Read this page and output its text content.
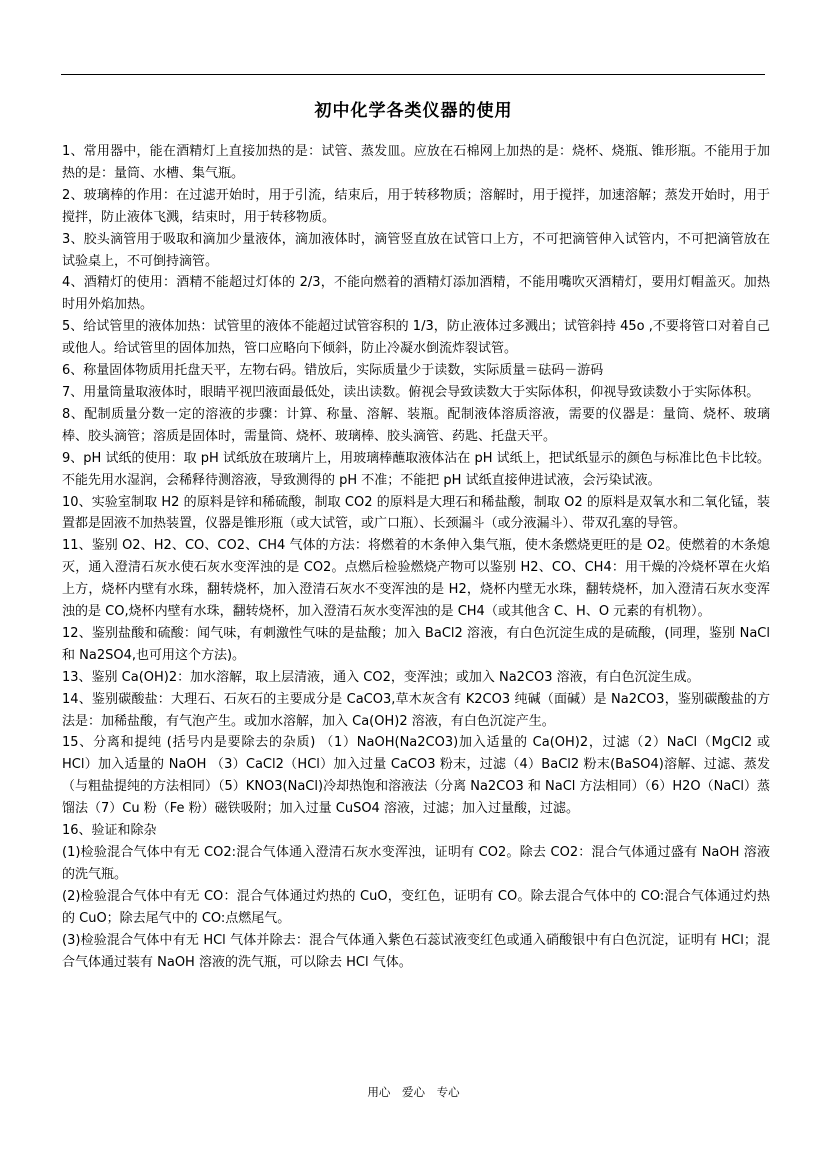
初中化学各类仪器的使用

1、常用器中，能在酒精灯上直接加热的是：试管、蒸发皿。应放在石棉网上加热的是：烧杯、烧瓶、锥形瓶。不能用于加热的是：量筒、水槽、集气瓶。

2、玻璃棒的作用：在过滤开始时，用于引流，结束后，用于转移物质；溶解时，用于搅拌，加速溶解；蒸发开始时，用于搅拌，防止液体飞溅，结束时，用于转移物质。

3、胶头滴管用于吸取和滴加少量液体，滴加液体时，滴管竖直放在试管口上方，不可把滴管伸入试管内，不可把滴管放在试验桌上，不可倒持滴管。

4、酒精灯的使用：酒精不能超过灯体的 2/3，不能向燃着的酒精灯添加酒精，不能用嘴吹灭酒精灯，要用灯帽盖灭。加热时用外焰加热。

5、给试管里的液体加热：试管里的液体不能超过试管容积的 1/3，防止液体过多溅出；试管斜持 45o ,不要将管口对着自己或他人。给试管里的固体加热，管口应略向下倾斜，防止冷凝水倒流炸裂试管。

6、称量固体物质用托盘天平，左物右码。错放后，实际质量少于读数，实际质量＝砝码－游码

7、用量筒量取液体时，眼睛平视凹液面最低处，读出读数。俯视会导致读数大于实际体积，仰视导致读数小于实际体积。

8、配制质量分数一定的溶液的步骤：计算、称量、溶解、装瓶。配制液体溶质溶液，需要的仪器是：量筒、烧杯、玻璃棒、胶头滴管；溶质是固体时，需量筒、烧杯、玻璃棒、胶头滴管、药匙、托盘天平。

9、pH 试纸的使用：取 pH 试纸放在玻璃片上，用玻璃棒蘸取液体沾在 pH 试纸上，把试纸显示的颜色与标准比色卡比较。不能先用水湿润，会稀释待测溶液，导致测得的 pH 不准；不能把 pH 试纸直接伸进试液，会污染试液。

10、实验室制取 H2 的原料是锌和稀硫酸，制取 CO2 的原料是大理石和稀盐酸，制取 O2 的原料是双氧水和二氧化锰，装置都是固液不加热装置，仪器是锥形瓶（或大试管，或广口瓶）、长颈漏斗（或分液漏斗）、带双孔塞的导管。

11、鉴别 O2、H2、CO、CO2、CH4 气体的方法：将燃着的木条伸入集气瓶，使木条燃烧更旺的是 O2。使燃着的木条熄灭，通入澄清石灰水使石灰水变浑浊的是 CO2。点燃后检验燃烧产物可以鉴别 H2、CO、CH4：用干燥的冷烧杯罩在火焰上方，烧杯内壁有水珠，翻转烧杯，加入澄清石灰水不变浑浊的是 H2，烧杯内壁无水珠，翻转烧杯，加入澄清石灰水变浑浊的是 CO,烧杯内壁有水珠，翻转烧杯，加入澄清石灰水变浑浊的是 CH4（或其他含 C、H、O 元素的有机物）。

12、鉴别盐酸和硫酸：闻气味，有刺激性气味的是盐酸；加入 BaCl2 溶液，有白色沉淀生成的是硫酸，(同理，鉴别 NaCl 和 Na2SO4,也可用这个方法)。

13、鉴别 Ca(OH)2：加水溶解，取上层清液，通入 CO2，变浑浊；或加入 Na2CO3 溶液，有白色沉淀生成。

14、鉴别碳酸盐：大理石、石灰石的主要成分是 CaCO3,草木灰含有 K2CO3 纯碱（面碱）是 Na2CO3，鉴别碳酸盐的方法是：加稀盐酸，有气泡产生。或加水溶解，加入 Ca(OH)2 溶液，有白色沉淀产生。

15、分离和提纯 (括号内是要除去的杂质) （1）NaOH(Na2CO3)加入适量的 Ca(OH)2，过滤（2）NaCl（MgCl2 或 HCl）加入适量的 NaOH （3）CaCl2（HCl）加入过量 CaCO3 粉末，过滤（4）BaCl2 粉末(BaSO4)溶解、过滤、蒸发（与粗盐提纯的方法相同）（5）KNO3(NaCl)冷却热饱和溶液法（分离 Na2CO3 和 NaCl 方法相同）（6）H2O（NaCl）蒸馏法（7）Cu 粉（Fe 粉）磁铁吸附；加入过量 CuSO4 溶液，过滤；加入过量酸，过滤。

16、验证和除杂

(1)检验混合气体中有无 CO2:混合气体通入澄清石灰水变浑浊，证明有 CO2。除去 CO2：混合气体通过盛有 NaOH 溶液的洗气瓶。

(2)检验混合气体中有无 CO：混合气体通过灼热的 CuO，变红色，证明有 CO。除去混合气体中的 CO:混合气体通过灼热的 CuO；除去尾气中的 CO:点燃尾气。

(3)检验混合气体中有无 HCl 气体并除去：混合气体通入紫色石蕊试液变红色或通入硝酸银中有白色沉淀，证明有 HCl；混合气体通过装有 NaOH 溶液的洗气瓶，可以除去 HCl 气体。

用心 爱心 专心
